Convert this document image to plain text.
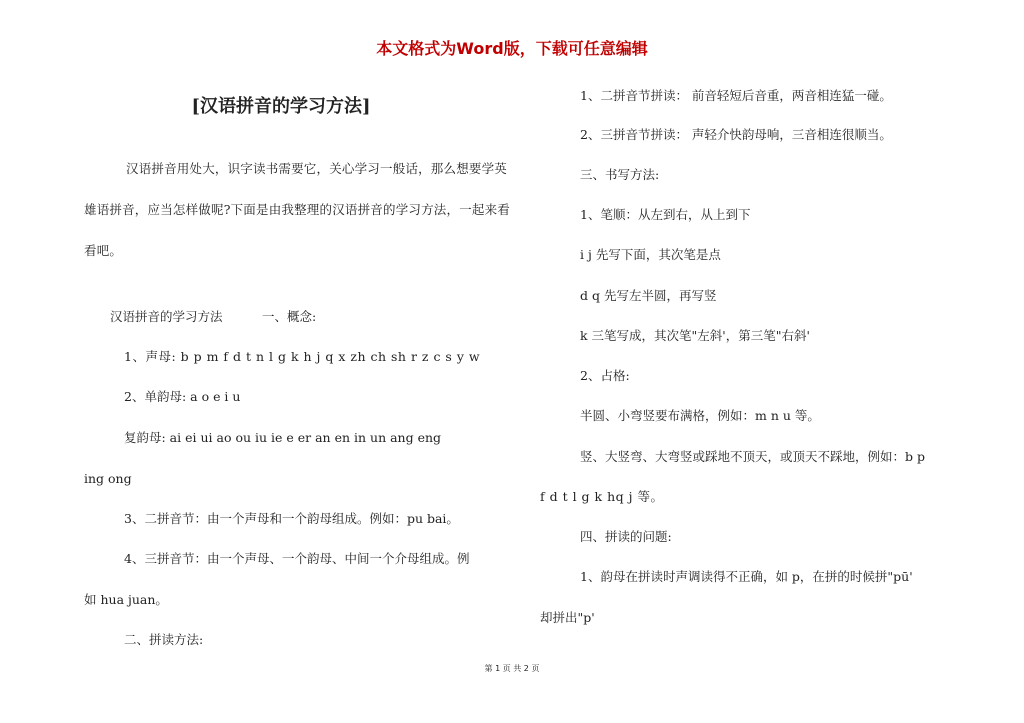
本文格式为Word版，下载可任意编辑
[汉语拼音的学习方法]

汉语拼音用处大，识字读书需要它，关心学习一般话，那么想要学英雄语拼音，应当怎样做呢?下面是由我整理的汉语拼音的学习方法，一起来看看吧。

汉语拼音的学习方法	一、概念:
1、声母: b p m f d t n l g k h j q x zh ch sh r z c s y w
2、单韵母: a o e i u
复韵母: ai ei ui ao ou iu ie e er an en in un ang eng
ing ong
3、二拼音节：由一个声母和一个韵母组成。例如：pu bai。
4、三拼音节：由一个声母、一个韵母、中间一个介母组成。例
如 hua juan。
二、拼读方法:
1、二拼音节拼读： 前音轻短后音重，两音相连猛一碰。
2、三拼音节拼读： 声轻介快韵母响，三音相连很顺当。
三、书写方法:
1、笔顺：从左到右，从上到下
i j 先写下面，其次笔是点
d q 先写左半圆，再写竖
k 三笔写成，其次笔"左斜'，第三笔"右斜'
2、占格:
半圆、小弯竖要布满格，例如：m n u 等。
竖、大竖弯、大弯竖或踩地不顶天，或顶天不踩地，例如：b p
f d t l g k hq j 等。
四、拼读的问题:
1、韵母在拼读时声调读得不正确，如 p，在拼的时候拼"pū'
却拼出"p'
第 1 页 共 2 页
